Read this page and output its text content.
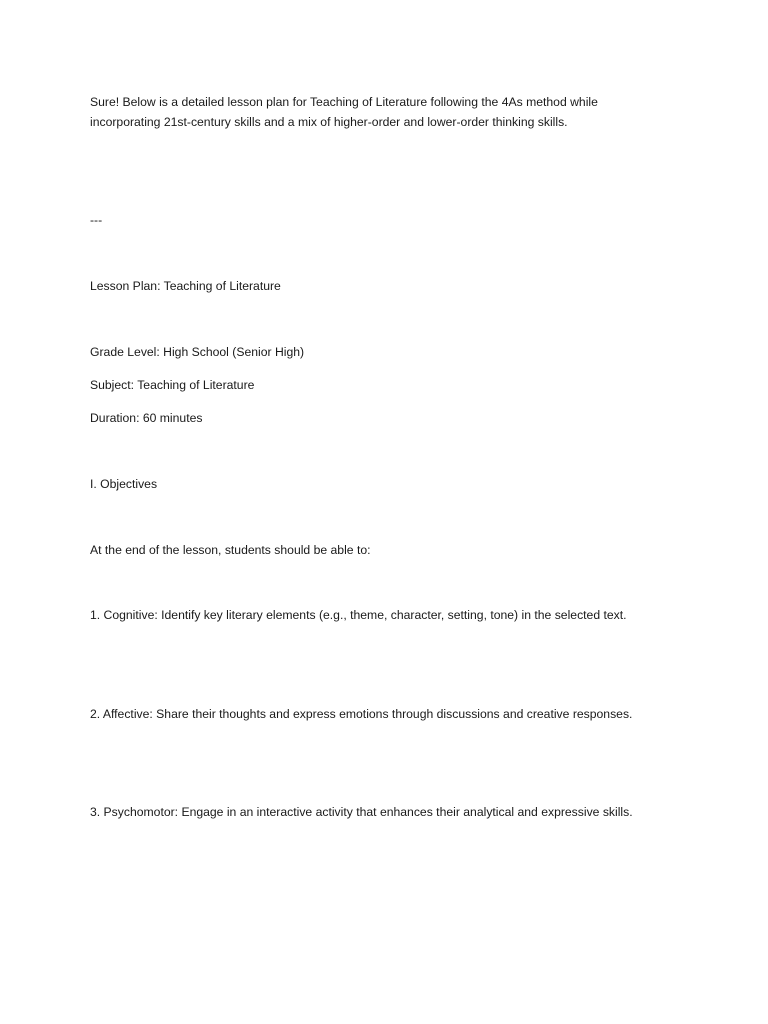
Sure! Below is a detailed lesson plan for Teaching of Literature following the 4As method while incorporating 21st-century skills and a mix of higher-order and lower-order thinking skills.

---

Lesson Plan: Teaching of Literature

Grade Level: High School (Senior High)

Subject: Teaching of Literature

Duration: 60 minutes

I. Objectives

At the end of the lesson, students should be able to:

1. Cognitive: Identify key literary elements (e.g., theme, character, setting, tone) in the selected text.

2. Affective: Share their thoughts and express emotions through discussions and creative responses.

3. Psychomotor: Engage in an interactive activity that enhances their analytical and expressive skills.
